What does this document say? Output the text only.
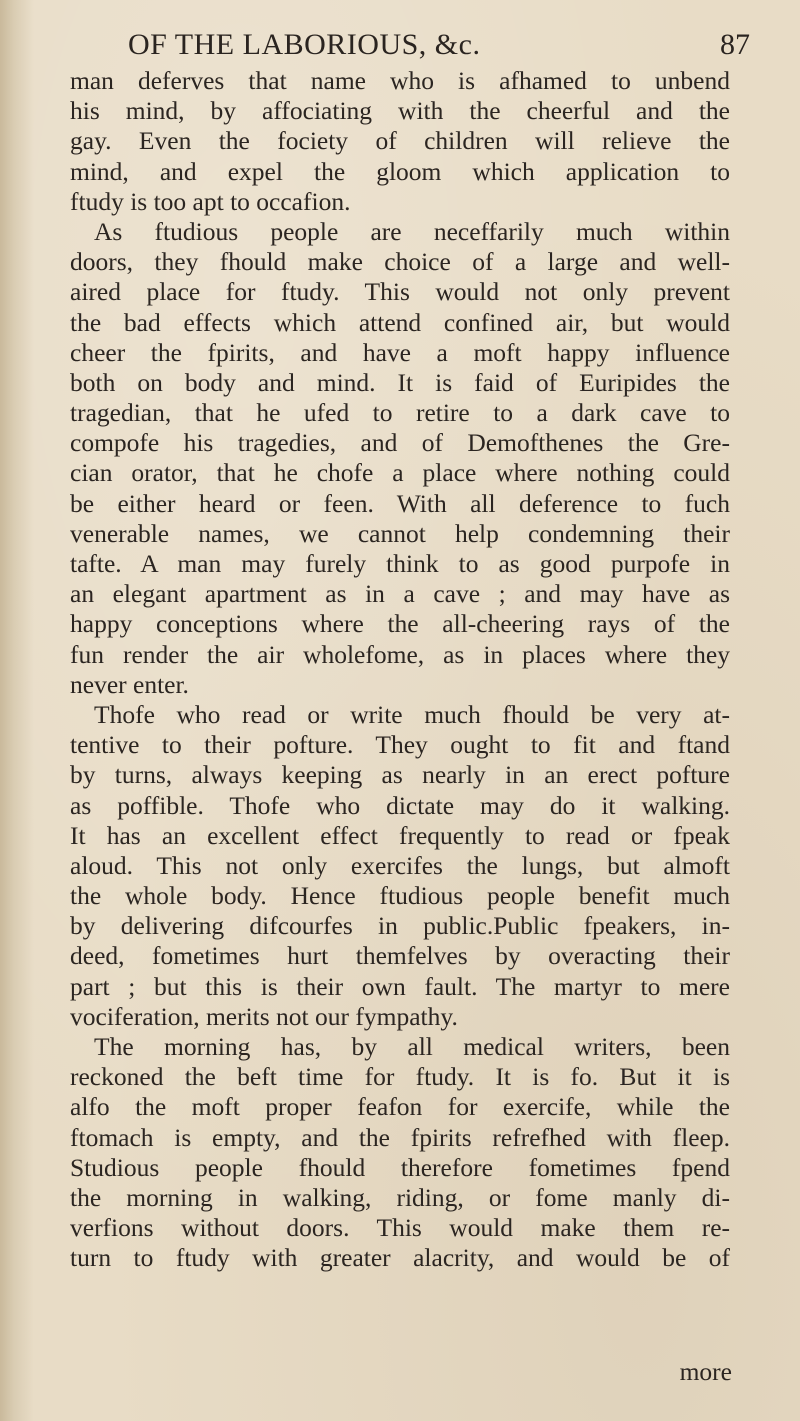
OF THE LABORIOUS, &c.	87
man deferves that name who is afhamed to unbend
his mind, by affociating with the cheerful and the
gay. Even the fociety of children will relieve the
mind, and expel the gloom which application to
ftudy is too apt to occafion.
As ftudious people are neceffarily much within
doors, they fhould make choice of a large and well-
aired place for ftudy. This would not only prevent
the bad effects which attend confined air, but would
cheer the fpirits, and have a moft happy influence
both on body and mind. It is faid of Euripides the
tragedian, that he ufed to retire to a dark cave to
compofe his tragedies, and of Demofthenes the Gre-
cian orator, that he chofe a place where nothing could
be either heard or feen. With all deference to fuch
venerable names, we cannot help condemning their
tafte. A man may furely think to as good purpofe in
an elegant apartment as in a cave ; and may have as
happy conceptions where the all-cheering rays of the
fun render the air wholefome, as in places where they
never enter.
Thofe who read or write much fhould be very at-
tentive to their pofture. They ought to fit and ftand
by turns, always keeping as nearly in an erect pofture
as poffible. Thofe who dictate may do it walking.
It has an excellent effect frequently to read or fpeak
aloud. This not only exercifes the lungs, but almoft
the whole body. Hence ftudious people benefit much
by delivering difcourfes in public.Public fpeakers, in-
deed, fometimes hurt themfelves by overacting their
part ; but this is their own fault. The martyr to mere
vociferation, merits not our fympathy.
The morning has, by all medical writers, been
reckoned the beft time for ftudy. It is fo. But it is
alfo the moft proper feafon for exercife, while the
ftomach is empty, and the fpirits refrefhed with fleep.
Studious people fhould therefore fometimes fpend
the morning in walking, riding, or fome manly di-
verfions without doors. This would make them re-
turn to ftudy with greater alacrity, and would be of
more
